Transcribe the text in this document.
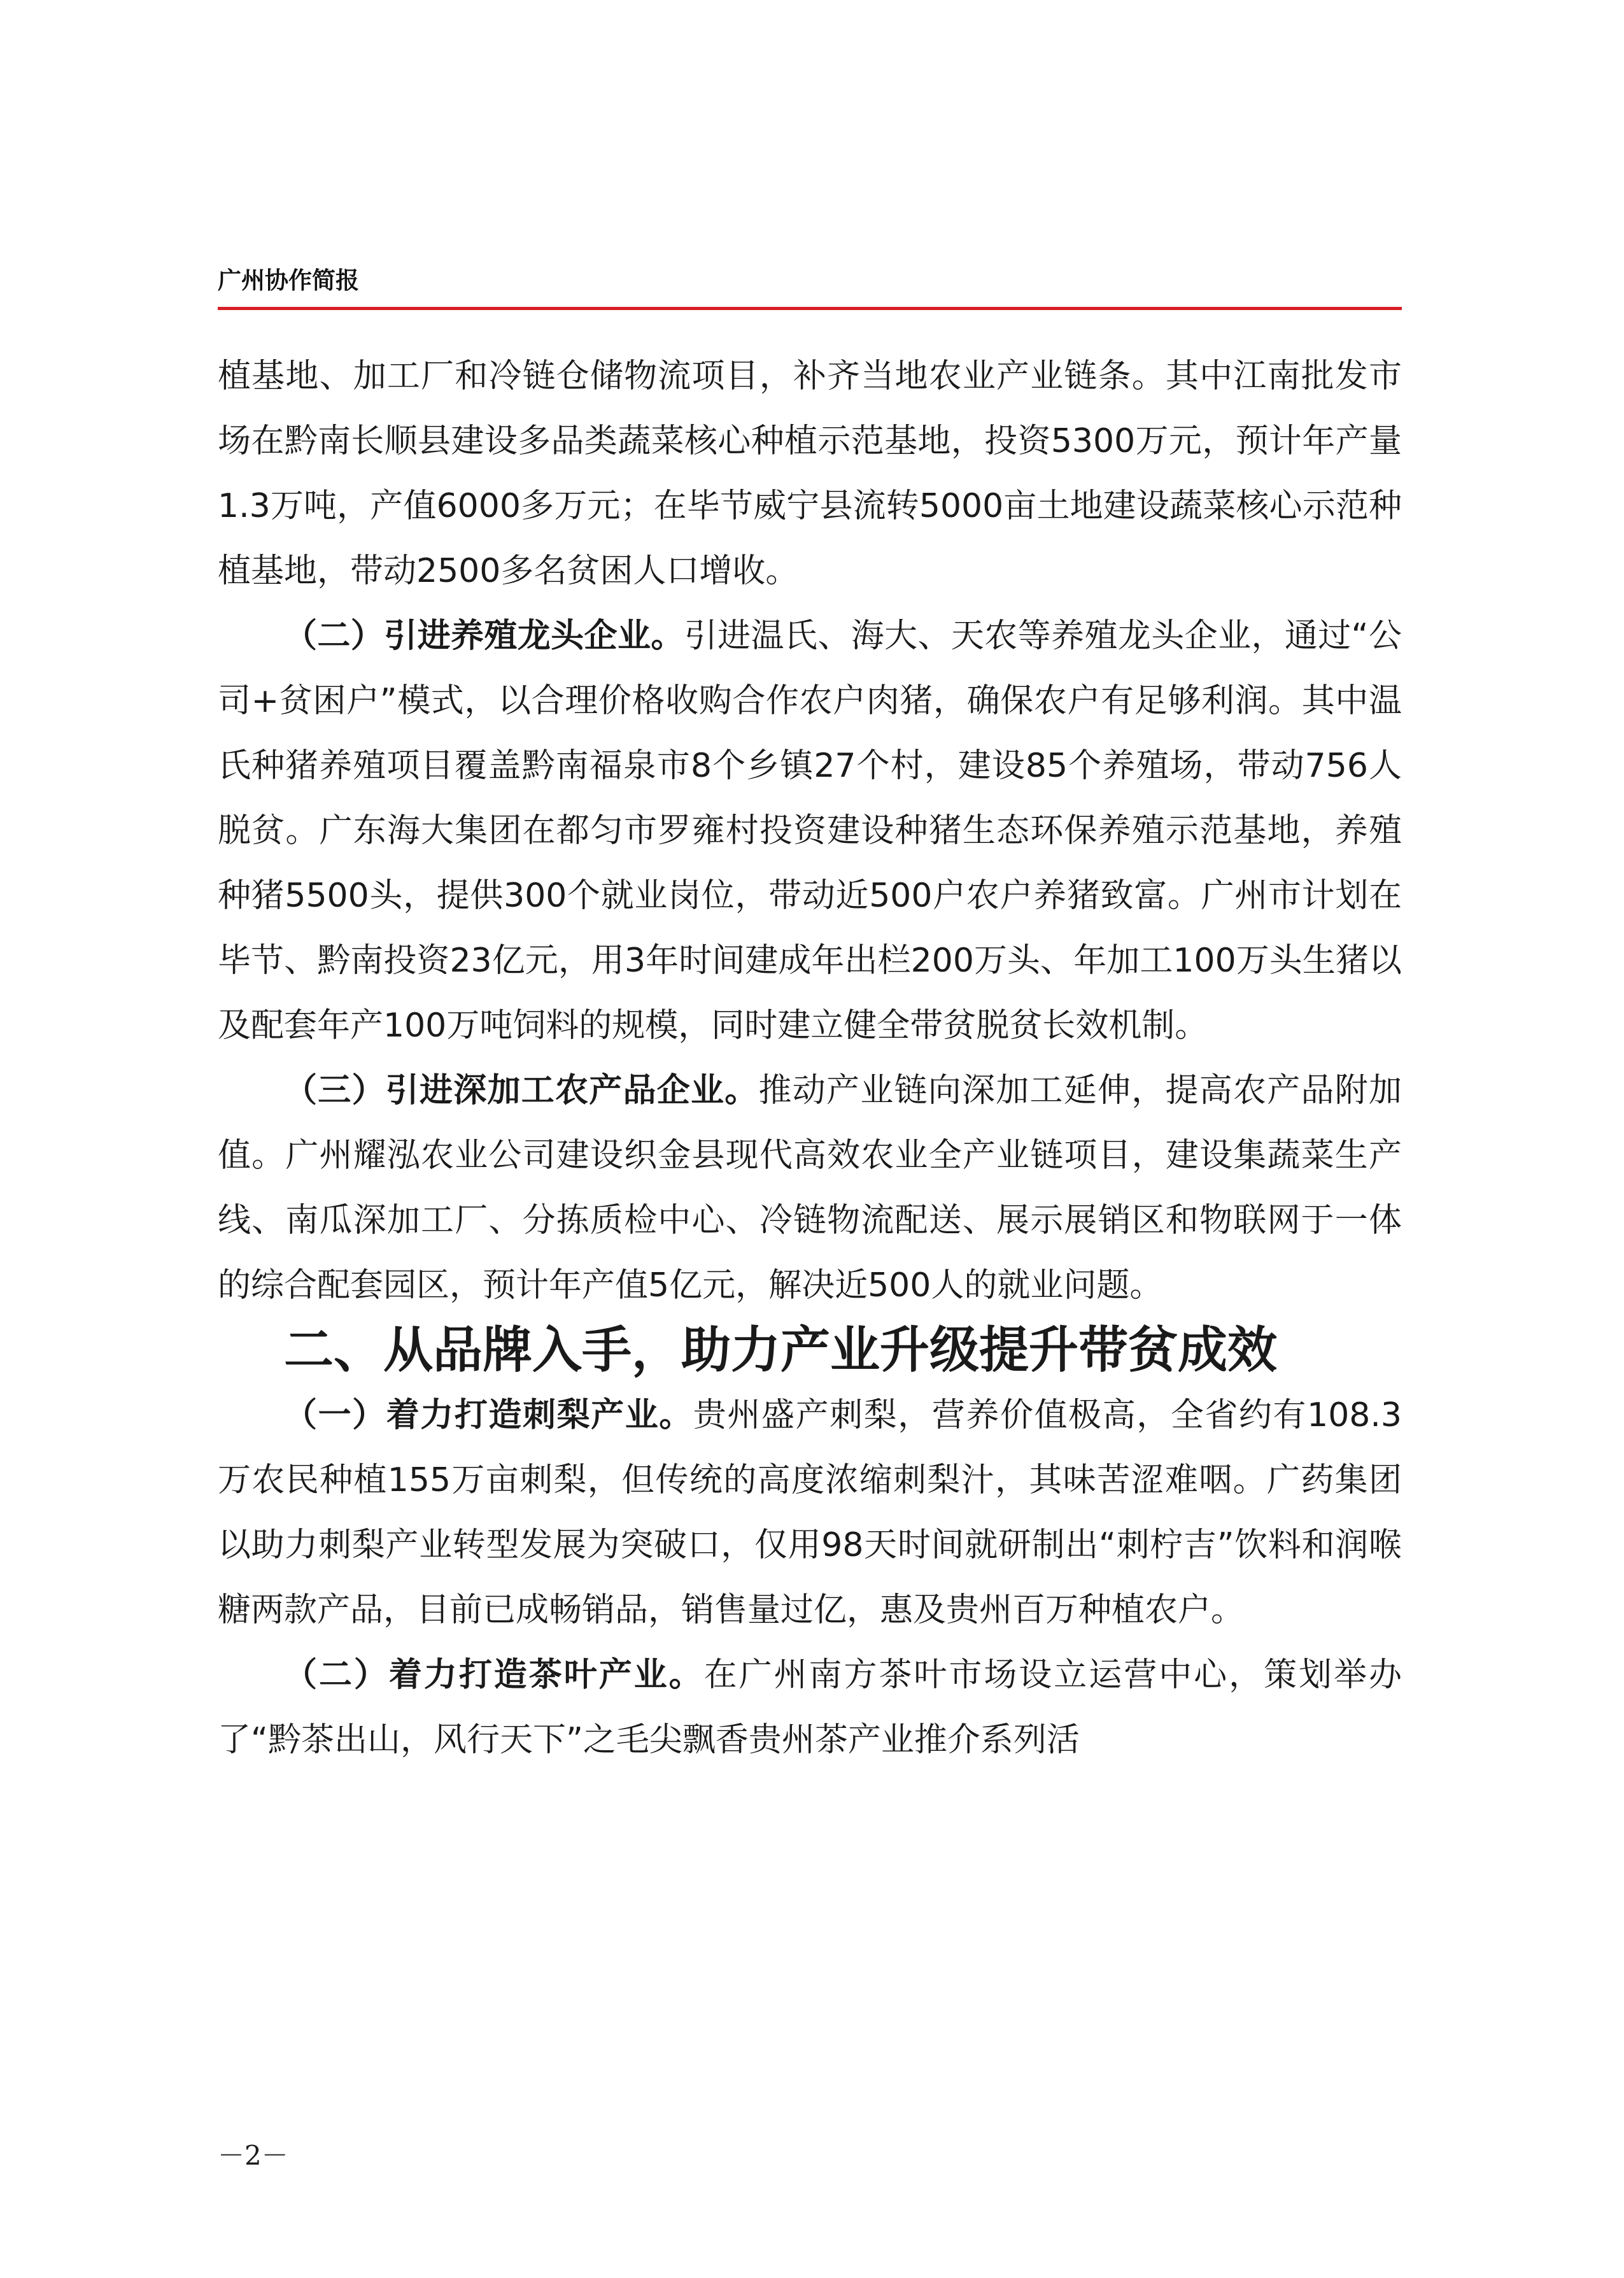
广州协作简报

植基地、加工厂和冷链仓储物流项目，补齐当地农业产业链条。其中江南批发市场在黔南长顺县建设多品类蔬菜核心种植示范基地，投资5300万元，预计年产量1.3万吨，产值6000多万元；在毕节威宁县流转5000亩土地建设蔬菜核心示范种植基地，带动2500多名贫困人口增收。

（二）引进养殖龙头企业。引进温氏、海大、天农等养殖龙头企业，通过“公司+贫困户”模式，以合理价格收购合作农户肉猪，确保农户有足够利润。其中温氏种猪养殖项目覆盖黔南福泉市8个乡镇27个村，建设85个养殖场，带动756人脱贫。广东海大集团在都匀市罗雍村投资建设种猪生态环保养殖示范基地，养殖种猪5500头，提供300个就业岗位，带动近500户农户养猪致富。广州市计划在毕节、黔南投资23亿元，用3年时间建成年出栏200万头、年加工100万头生猪以及配套年产100万吨饲料的规模，同时建立健全带贫脱贫长效机制。

（三）引进深加工农产品企业。推动产业链向深加工延伸，提高农产品附加值。广州耀泓农业公司建设织金县现代高效农业全产业链项目，建设集蔬菜生产线、南瓜深加工厂、分拣质检中心、冷链物流配送、展示展销区和物联网于一体的综合配套园区，预计年产值5亿元，解决近500人的就业问题。

二、从品牌入手，助力产业升级提升带贫成效

（一）着力打造刺梨产业。贵州盛产刺梨，营养价值极高，全省约有108.3万农民种植155万亩刺梨，但传统的高度浓缩刺梨汁，其味苦涩难咽。广药集团以助力刺梨产业转型发展为突破口，仅用98天时间就研制出“刺柠吉”饮料和润喉糖两款产品，目前已成畅销品，销售量过亿，惠及贵州百万种植农户。

（二）着力打造茶叶产业。在广州南方茶叶市场设立运营中心，策划举办了“黔茶出山，风行天下”之毛尖飘香贵州茶产业推介系列活

－2－
